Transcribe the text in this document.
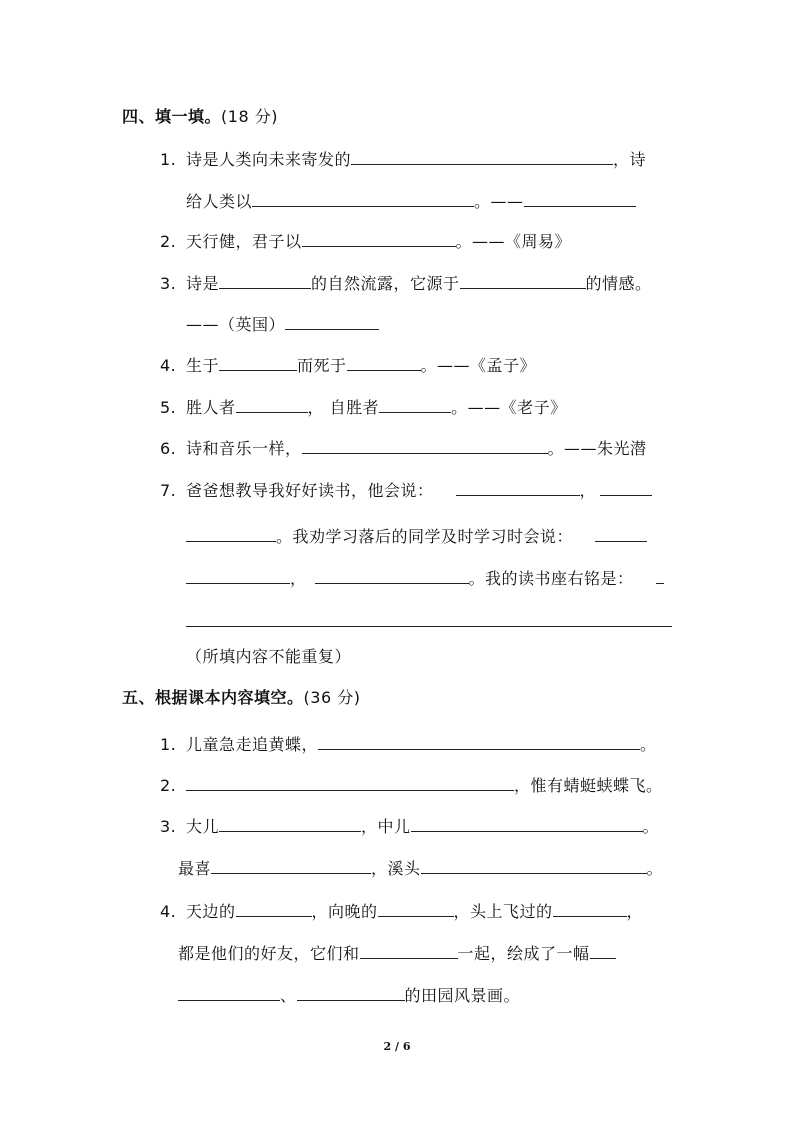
四、填一填。(18 分)
1. 诗是人类向未来寄发的	，诗
给人类以	。——
2. 天行健，君子以	。——《周易》
3. 诗是	的自然流露，它源于	的情感。
——（英国）
4. 生于	而死于	。——《孟子》
5. 胜人者	， 自胜者	。——《老子》
6. 诗和音乐一样，	。——朱光潜
7. 爸爸想教导我好好读书，他会说：	，
。我劝学习落后的同学及时学习时会说：
，	。我的读书座右铭是：
（所填内容不能重复）
五、根据课本内容填空。(36 分)
1. 儿童急走追黄蝶，	。
2.	，惟有蜻蜓蛱蝶飞。
3. 大儿	，中儿	。
最喜	，溪头	。
4. 天边的	，向晚的	，头上飞过的	，
都是他们的好友，它们和	一起，绘成了一幅
、	的田园风景画。
2 / 6
